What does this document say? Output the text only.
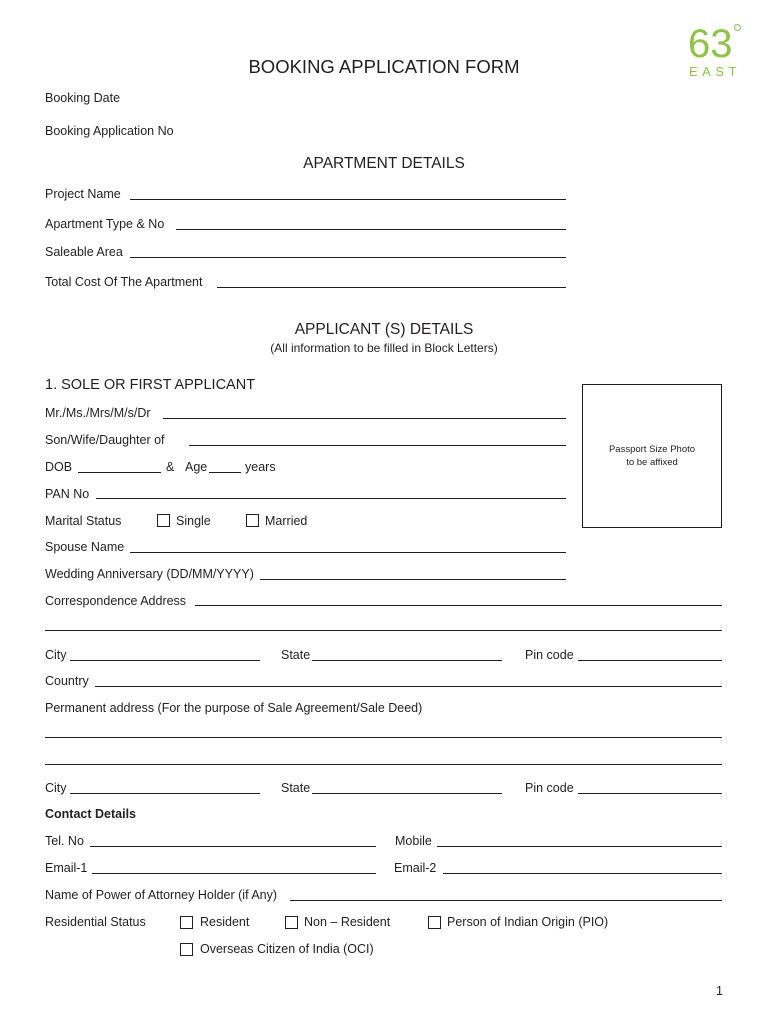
63
EAST
BOOKING APPLICATION FORM
Booking Date
Booking Application No
APARTMENT DETAILS
Project Name
Apartment Type & No
Saleable Area
Total Cost Of The Apartment
APPLICANT (S) DETAILS
(All information to be filled in Block Letters)
1. SOLE OR FIRST APPLICANT
Passport Size Photo
to be affixed
Mr./Ms./Mrs/M/s/Dr
Son/Wife/Daughter of
DOB	& Age	years
PAN No
Marital Status	Single	Married
Spouse Name
Wedding Anniversary (DD/MM/YYYY)
Correspondence Address
City	State	Pin code
Country
Permanent address (For the purpose of Sale Agreement/Sale Deed)
City	State	Pin code
Contact Details
Tel. No	Mobile
Email-1	Email-2
Name of Power of Attorney Holder (if Any)
Residential Status	Resident	Non – Resident	Person of Indian Origin (PIO)
Overseas Citizen of India (OCI)
1
